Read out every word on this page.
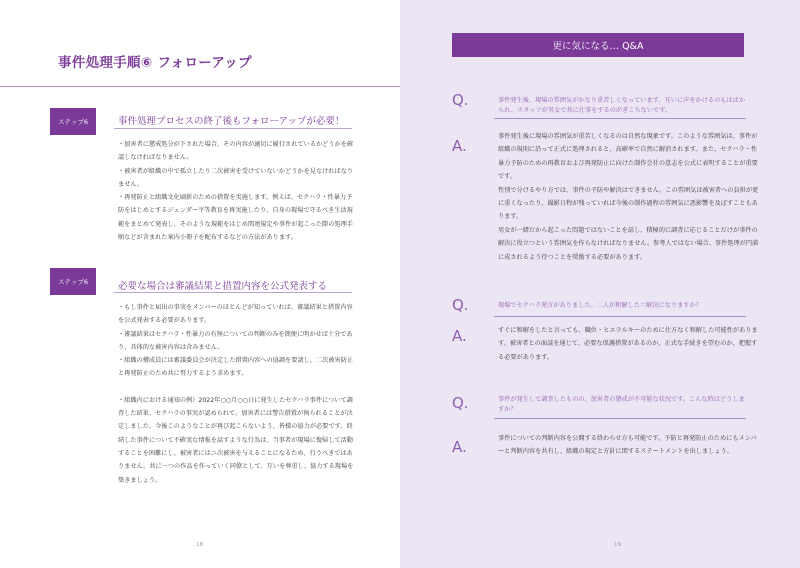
事件処理手順⑥ フォローアップ
ステップ6	事件処理プロセスの終了後もフォローアップが必要！

・加害者に懲戒処分が下された場合、その内容が適切に履行されているかどうかを確認しなければなりません。

・被害者が組織の中で孤立したり二次被害を受けていないかどうかを見なければなりません。

・再発防止と組織文化刷新のための措置を実施します。例えば、セクハラ・性暴力予防をはじめとするジェンダー平等教育を再実施したり、自身の現場で守るべき生活規範をまとめて発表し、そのような規範をはじめ関連規定や事件が起こった際の処理手順などが含まれた案内小冊子を配布するなどの方法があります。

ステップ6	必要な場合は審議結果と措置内容を公式発表する

・もし事件と届出の事実をメンバーのほとんどが知っていれば、審議結果と措置内容を公式発表する必要があります。

・審議結果はセクハラ・性暴力の有無についての判断のみを簡便に明かせば十分であり、具体的な被害内容は含みません。

・組織の構成員には審議委員会が決定した措置内容への協調を要請し、二次被害防止と再発防止のため共に努力するよう求めます。

・組織内における通知の例）2022年○○月○○日に発生したセクハラ事件について調査した結果、セクハラの事実が認められて、加害者には警告措置が執られることが決定しました。今後このようなことが再び起こらないよう、皆様の協力が必要です。終結した事件について不確実な情報を話すような行為は、当事者が現場に復帰して活動することを困難にし、被害者にはニ次被害を与えることになるため、行うべきではありません。共に一つの作品を作っていく同僚として、互いを尊重し、協力する現場を築きましょう。

18
更に気になる… Q&A
Q.	事件発生後、現場の雰囲気がかなり重苦しくなっています。互いに声をかけるのもはばかられ、スタッフが男女で共に仕事をするのがぎこちないです。
A.

事件発生後に現場の雰囲気が重苦しくなるのは自然な現象です。このような雰囲気は、事件が組織の規則に沿って正式に処理されると、高確率で自然に解消されます。また、セクハラ・性暴力予防のための再教育および再発防止に向けた制作会社の意志を公式に表明することが重要です。

性別で分けるやり方では、事件の予防や解決はできません。この雰囲気は被害者への負担が更に重くなったり、撮影日程が残っていれば今後の制作過程の雰囲気に悪影響を及ぼすこともあります。

男女が一緒だから起こった問題ではないことを話し、積極的に調査に応じることだけが事件の解決に役立つという雰囲気を作らなければなりません。参考人ではない場合、事件処理が円満に成されるよう待つことを奨励する必要があります。

Q.	現場でセクハラ発言がありました。二人が和解した＝解決になりますか？
A.	すぐに和解をしたと言っても、職位・ヒエラルキーのために仕方なく和解した可能性があります。被害者との面談を通じて、必要な保護措置があるのか、正式な手続きを望むのか、把握する必要があります。

Q.	事件が発生して調査したものの、加害者の懲戒が不可能な状況です。こんな時はどうしますか？
A.	事件についての判断内容を公開する終わらせ方も可能です。予防と再発防止のためにもメンバーと判断内容を共有し、組織の規定と方針に関するステートメントを出しましょう。

19
